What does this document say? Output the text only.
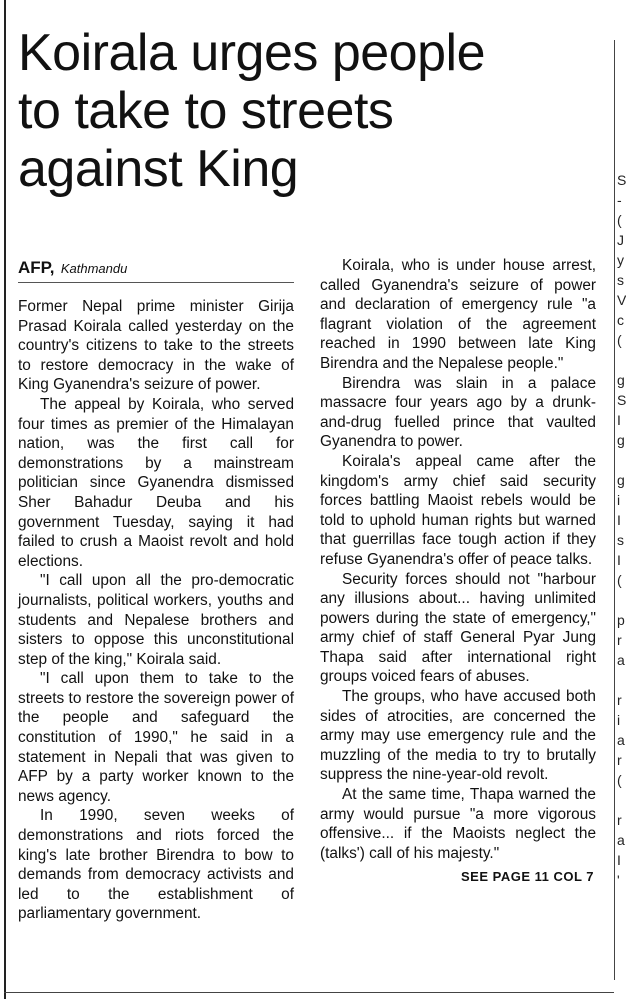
Koirala urges people
to take to streets
against King
AFP, Kathmandu

Former Nepal prime minister Girija Prasad Koirala called yesterday on the country's citizens to take to the streets to restore democracy in the wake of King Gyanendra's seizure of power.

The appeal by Koirala, who served four times as premier of the Himalayan nation, was the first call for demonstrations by a mainstream politician since Gyanendra dismissed Sher Bahadur Deuba and his government Tuesday, saying it had failed to crush a Maoist revolt and hold elections.

"I call upon all the pro-democratic journalists, political workers, youths and students and Nepalese brothers and sisters to oppose this unconstitutional step of the king," Koirala said.

"I call upon them to take to the streets to restore the sovereign power of the people and safeguard the constitution of 1990," he said in a statement in Nepali that was given to AFP by a party worker known to the news agency.

In 1990, seven weeks of demonstrations and riots forced the king's late brother Birendra to bow to demands from democracy activists and led to the establishment of parliamentary government.

Koirala, who is under house arrest, called Gyanendra's seizure of power and declaration of emergency rule "a flagrant violation of the agreement reached in 1990 between late King Birendra and the Nepalese people."

Birendra was slain in a palace massacre four years ago by a drunk-and-drug fuelled prince that vaulted Gyanendra to power.

Koirala's appeal came after the kingdom's army chief said security forces battling Maoist rebels would be told to uphold human rights but warned that guerrillas face tough action if they refuse Gyanendra's offer of peace talks.

Security forces should not "harbour any illusions about... having unlimited powers during the state of emergency," army chief of staff General Pyar Jung Thapa said after international right groups voiced fears of abuses.

The groups, who have accused both sides of atrocities, are concerned the army may use emergency rule and the muzzling of the media to try to brutally suppress the nine-year-old revolt.

At the same time, Thapa warned the army would pursue "a more vigorous offensive... if the Maoists neglect the (talks') call of his majesty."

SEE PAGE 11 COL 7
S
-
(
J
y
s
V
c
(
g
S
I
g
g
i
I
s
I
(
p
r
a
r
i
a
r
(
r
a
I
'
